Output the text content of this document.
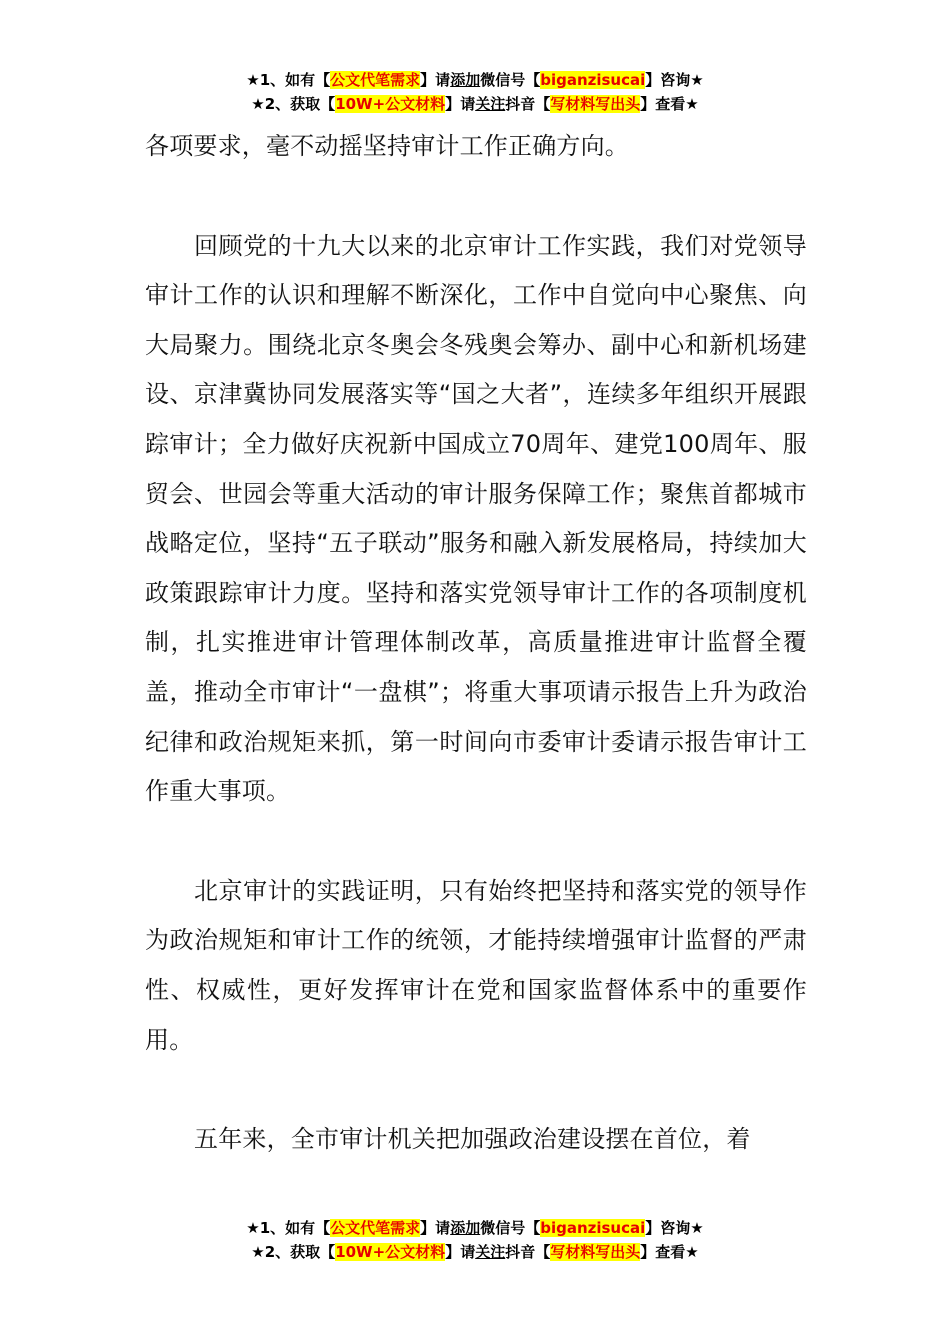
★1、如有【公文代笔需求】请添加微信号【biganzisucai】咨询★
★2、获取【10W+公文材料】请关注抖音【写材料写出头】查看★

各项要求，毫不动摇坚持审计工作正确方向。

回顾党的十九大以来的北京审计工作实践，我们对党领导审计工作的认识和理解不断深化，工作中自觉向中心聚焦、向大局聚力。围绕北京冬奥会冬残奥会筹办、副中心和新机场建设、京津冀协同发展落实等“国之大者”，连续多年组织开展跟踪审计；全力做好庆祝新中国成立70周年、建党100周年、服贸会、世园会等重大活动的审计服务保障工作；聚焦首都城市战略定位，坚持“五子联动”服务和融入新发展格局，持续加大政策跟踪审计力度。坚持和落实党领导审计工作的各项制度机制，扎实推进审计管理体制改革，高质量推进审计监督全覆盖，推动全市审计“一盘棋”；将重大事项请示报告上升为政治纪律和政治规矩来抓，第一时间向市委审计委请示报告审计工作重大事项。

北京审计的实践证明，只有始终把坚持和落实党的领导作为政治规矩和审计工作的统领，才能持续增强审计监督的严肃性、权威性，更好发挥审计在党和国家监督体系中的重要作用。

五年来，全市审计机关把加强政治建设摆在首位，着

★1、如有【公文代笔需求】请添加微信号【biganzisucai】咨询★
★2、获取【10W+公文材料】请关注抖音【写材料写出头】查看★
